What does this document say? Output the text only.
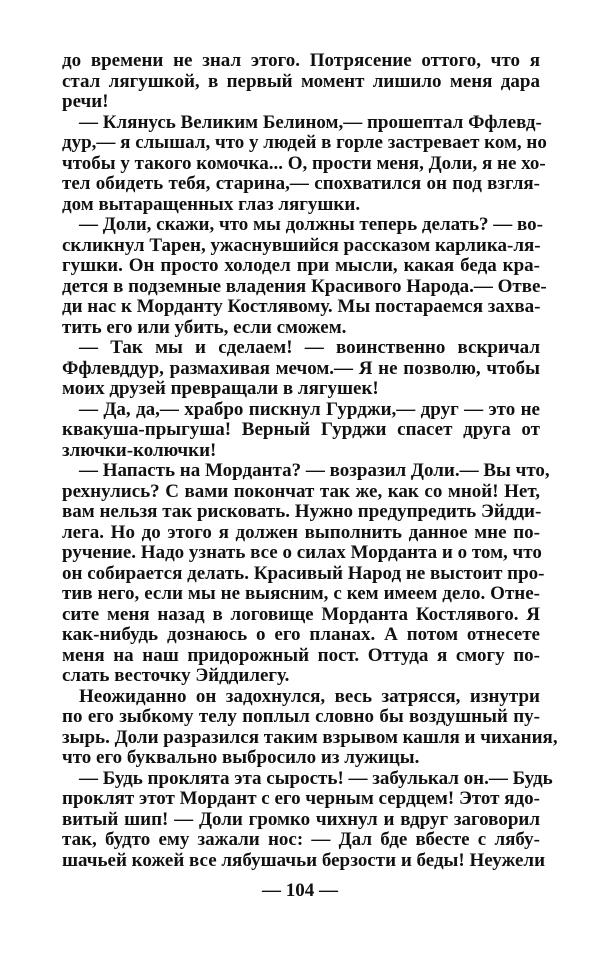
до времени не знал этого. Потрясение оттого, что я
стал лягушкой, в первый момент лишило меня дара
речи!
— Клянусь Великим Белином,— прошептал Ффлевд-
дур,— я слышал, что у людей в горле застревает ком, но
чтобы у такого комочка... О, прости меня, Доли, я не хо-
тел обидеть тебя, старина,— спохватился он под взгля-
дом вытаращенных глаз лягушки.
— Доли, скажи, что мы должны теперь делать? — во-
скликнул Тарен, ужаснувшийся рассказом карлика-ля-
гушки. Он просто холодел при мысли, какая беда кра-
дется в подземные владения Красивого Народа.— Отве-
ди нас к Морданту Костлявому. Мы постараемся захва-
тить его или убить, если сможем.
— Так мы и сделаем! — воинственно вскричал
Ффлевддур, размахивая мечом.— Я не позволю, чтобы
моих друзей превращали в лягушек!
— Да, да,— храбро пискнул Гурджи,— друг — это не
квакуша-прыгуша! Верный Гурджи спасет друга от
злючки-колючки!
— Напасть на Морданта? — возразил Доли.— Вы что,
рехнулись? С вами покончат так же, как со мной! Нет,
вам нельзя так рисковать. Нужно предупредить Эйдди-
лега. Но до этого я должен выполнить данное мне по-
ручение. Надо узнать все о силах Морданта и о том, что
он собирается делать. Красивый Народ не выстоит про-
тив него, если мы не выясним, с кем имеем дело. Отне-
сите меня назад в логовище Морданта Костлявого. Я
как-нибудь дознаюсь о его планах. А потом отнесете
меня на наш придорожный пост. Оттуда я смогу по-
слать весточку Эйддилегу.
Неожиданно он задохнулся, весь затрясся, изнутри
по его зыбкому телу поплыл словно бы воздушный пу-
зырь. Доли разразился таким взрывом кашля и чихания,
что его буквально выбросило из лужицы.
— Будь проклята эта сырость! — забулькал он.— Будь
проклят этот Мордант с его черным сердцем! Этот ядо-
витый шип! — Доли громко чихнул и вдруг заговорил
так, будто ему зажали нос: — Дал бде вбесте с лябу-
шачьей кожей все лябушачьи берзости и беды! Неужели
— 104 —
